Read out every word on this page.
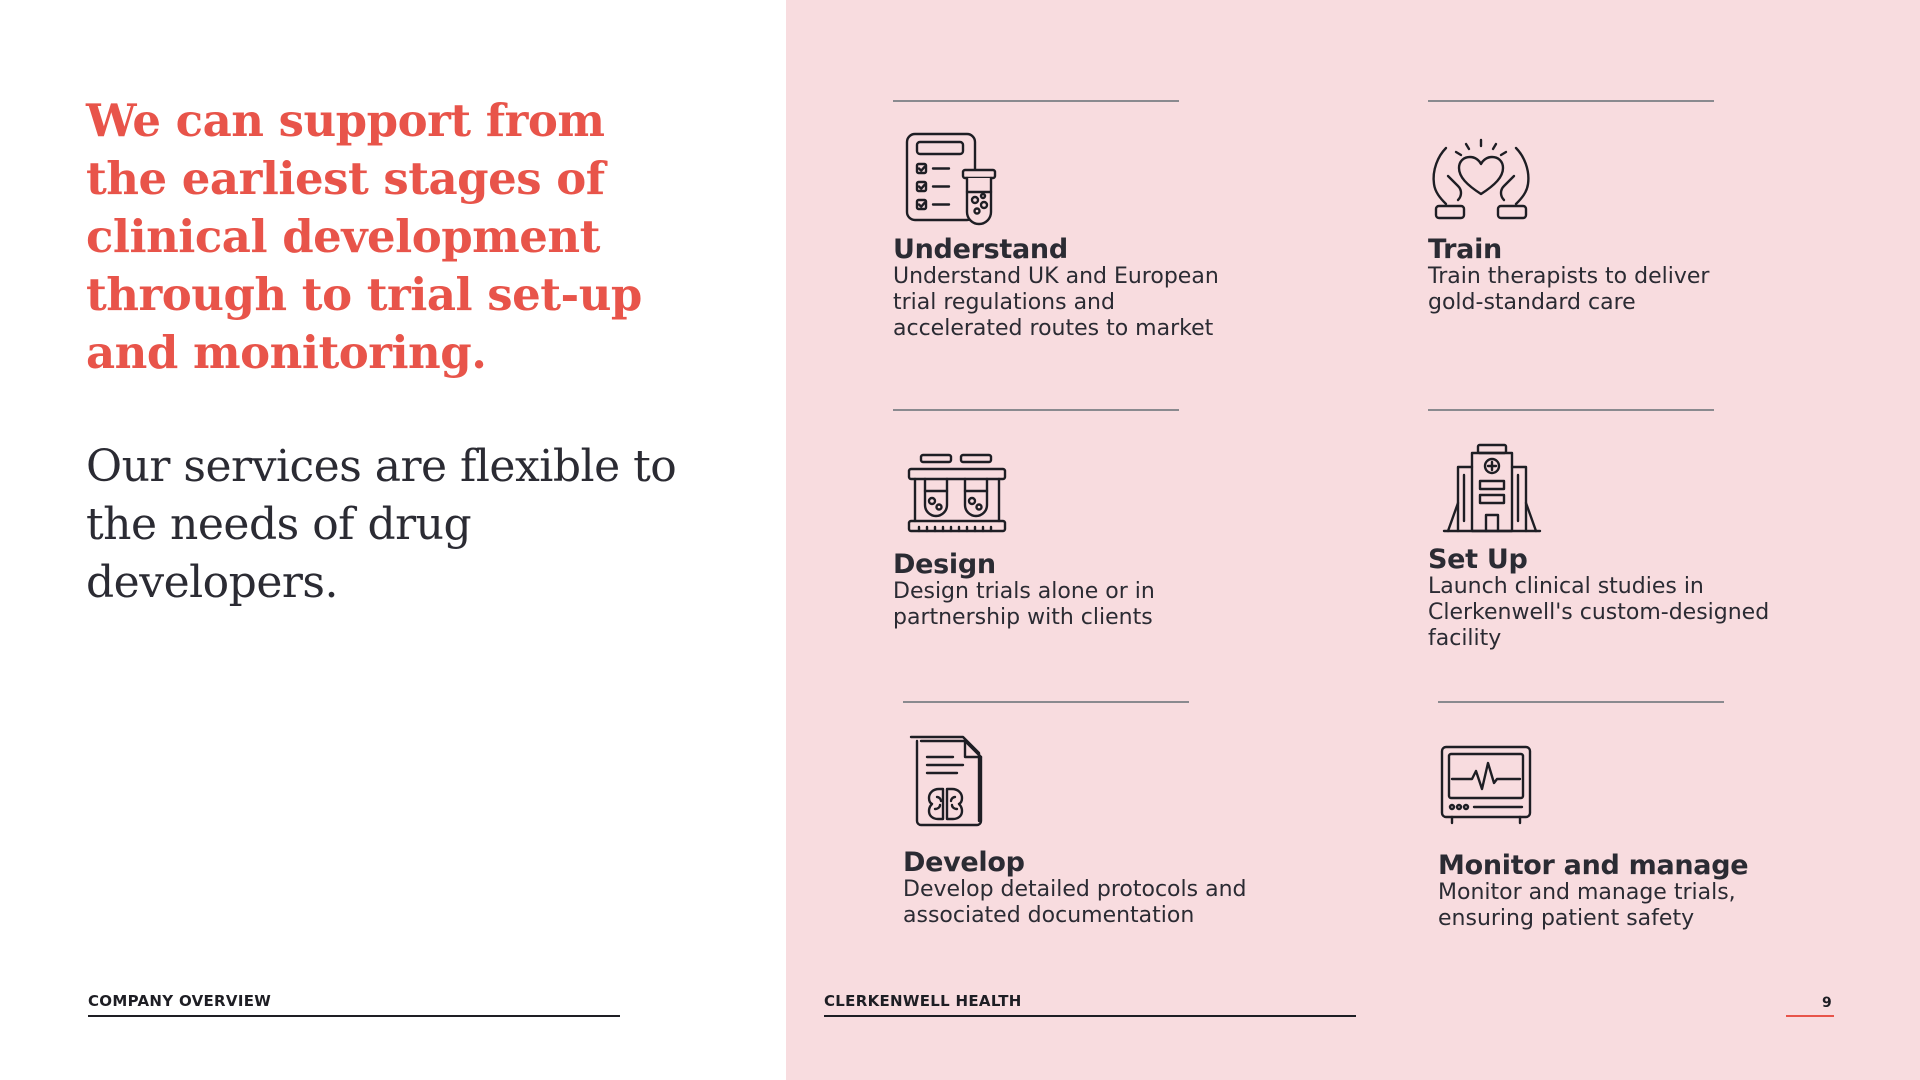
We can support from the earliest stages of clinical development through to trial set-up and monitoring.

Our services are flexible to the needs of drug developers.

Understand

Understand UK and European trial regulations and accelerated routes to market

Train

Train therapists to deliver gold-standard care

Design

Design trials alone or in partnership with clients

Set Up

Launch clinical studies in Clerkenwell's custom-designed facility

Develop

Develop detailed protocols and associated documentation

Monitor and manage

Monitor and manage trials, ensuring patient safety

COMPANY OVERVIEW	CLERKENWELL HEALTH	9
